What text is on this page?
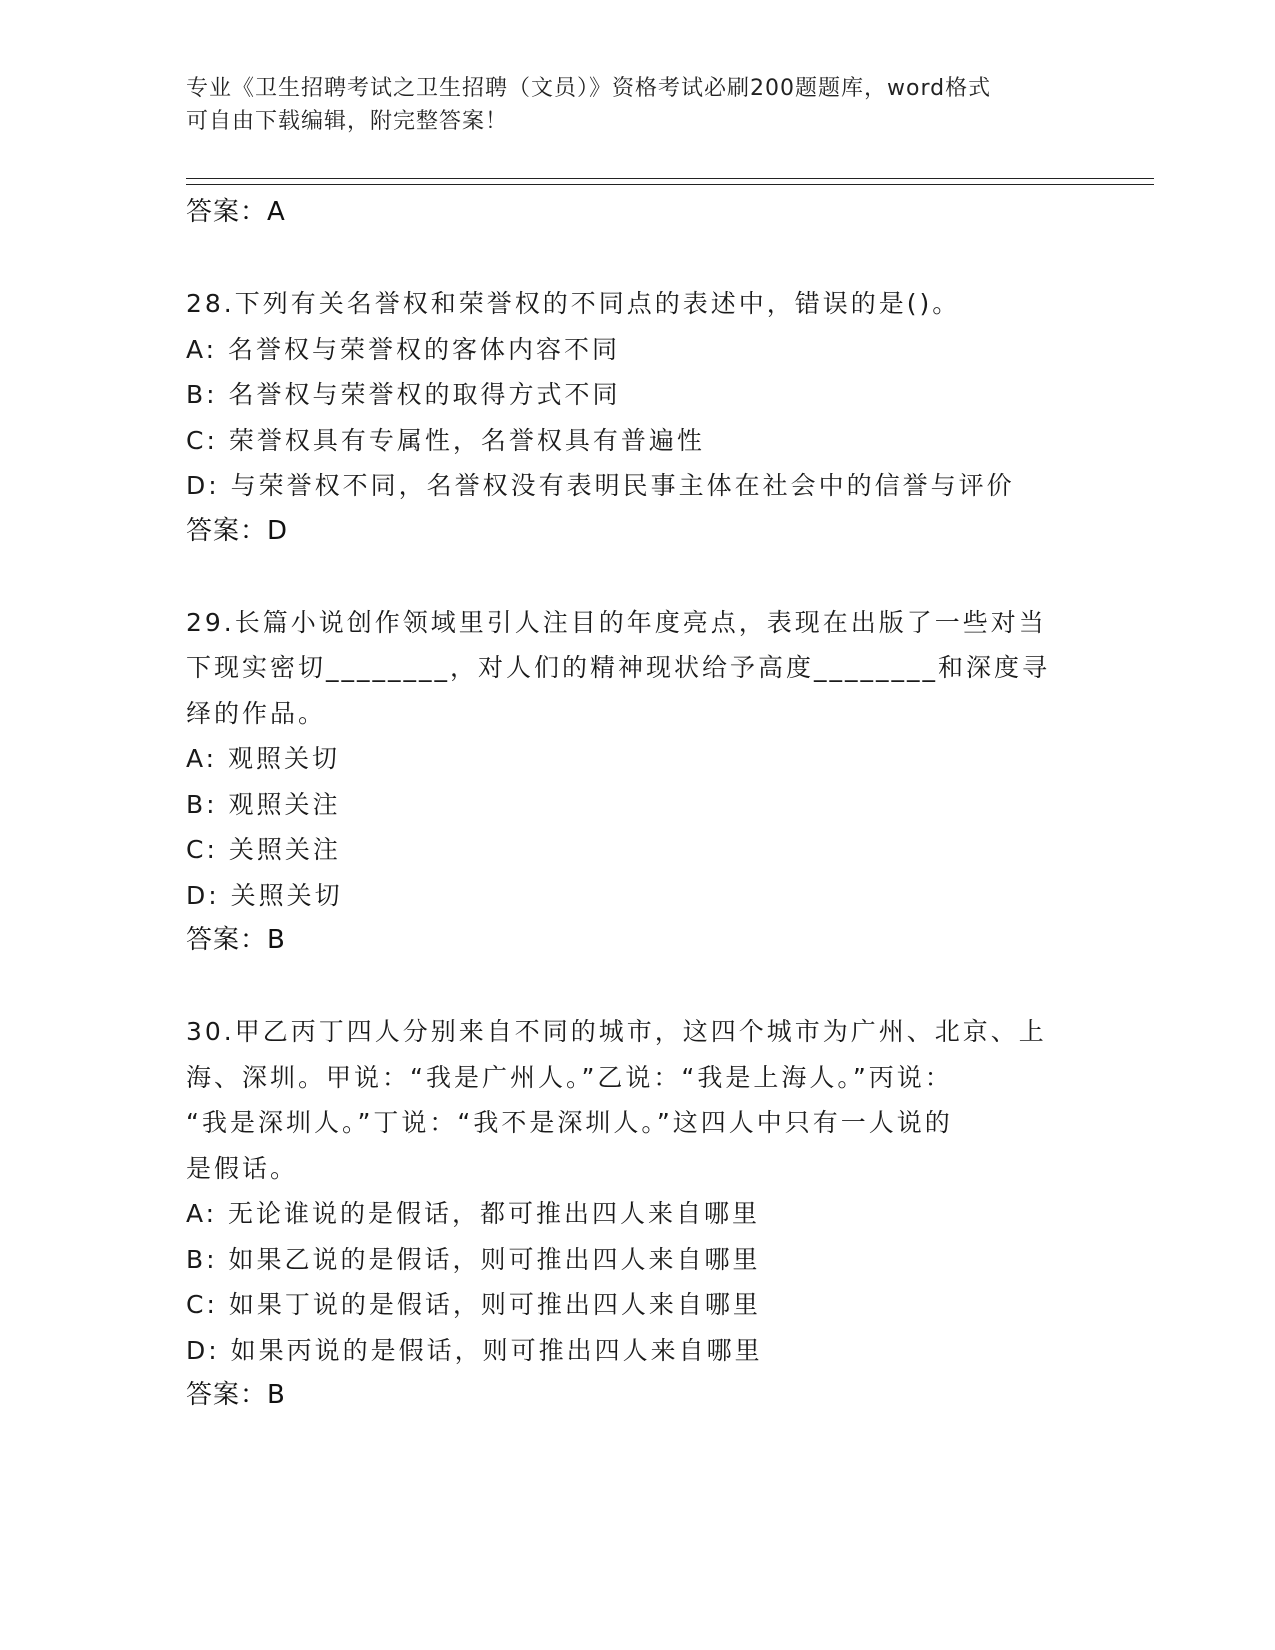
专业《卫生招聘考试之卫生招聘（文员）》资格考试必刷200题题库，word格式
可自由下载编辑，附完整答案！
答案：A
28.下列有关名誉权和荣誉权的不同点的表述中，错误的是()。
A: 名誉权与荣誉权的客体内容不同
B: 名誉权与荣誉权的取得方式不同
C: 荣誉权具有专属性，名誉权具有普遍性
D: 与荣誉权不同，名誉权没有表明民事主体在社会中的信誉与评价
答案：D
29.长篇小说创作领域里引人注目的年度亮点，表现在出版了一些对当
下现实密切________，对人们的精神现状给予高度________和深度寻
绎的作品。
A: 观照关切
B: 观照关注
C: 关照关注
D: 关照关切
答案：B
30.甲乙丙丁四人分别来自不同的城市，这四个城市为广州、北京、上
海、深圳。甲说：“我是广州人。”乙说：“我是上海人。”丙说：
“我是深圳人。”丁说：“我不是深圳人。”这四人中只有一人说的
是假话。
A: 无论谁说的是假话，都可推出四人来自哪里
B: 如果乙说的是假话，则可推出四人来自哪里
C: 如果丁说的是假话，则可推出四人来自哪里
D: 如果丙说的是假话，则可推出四人来自哪里
答案：B
